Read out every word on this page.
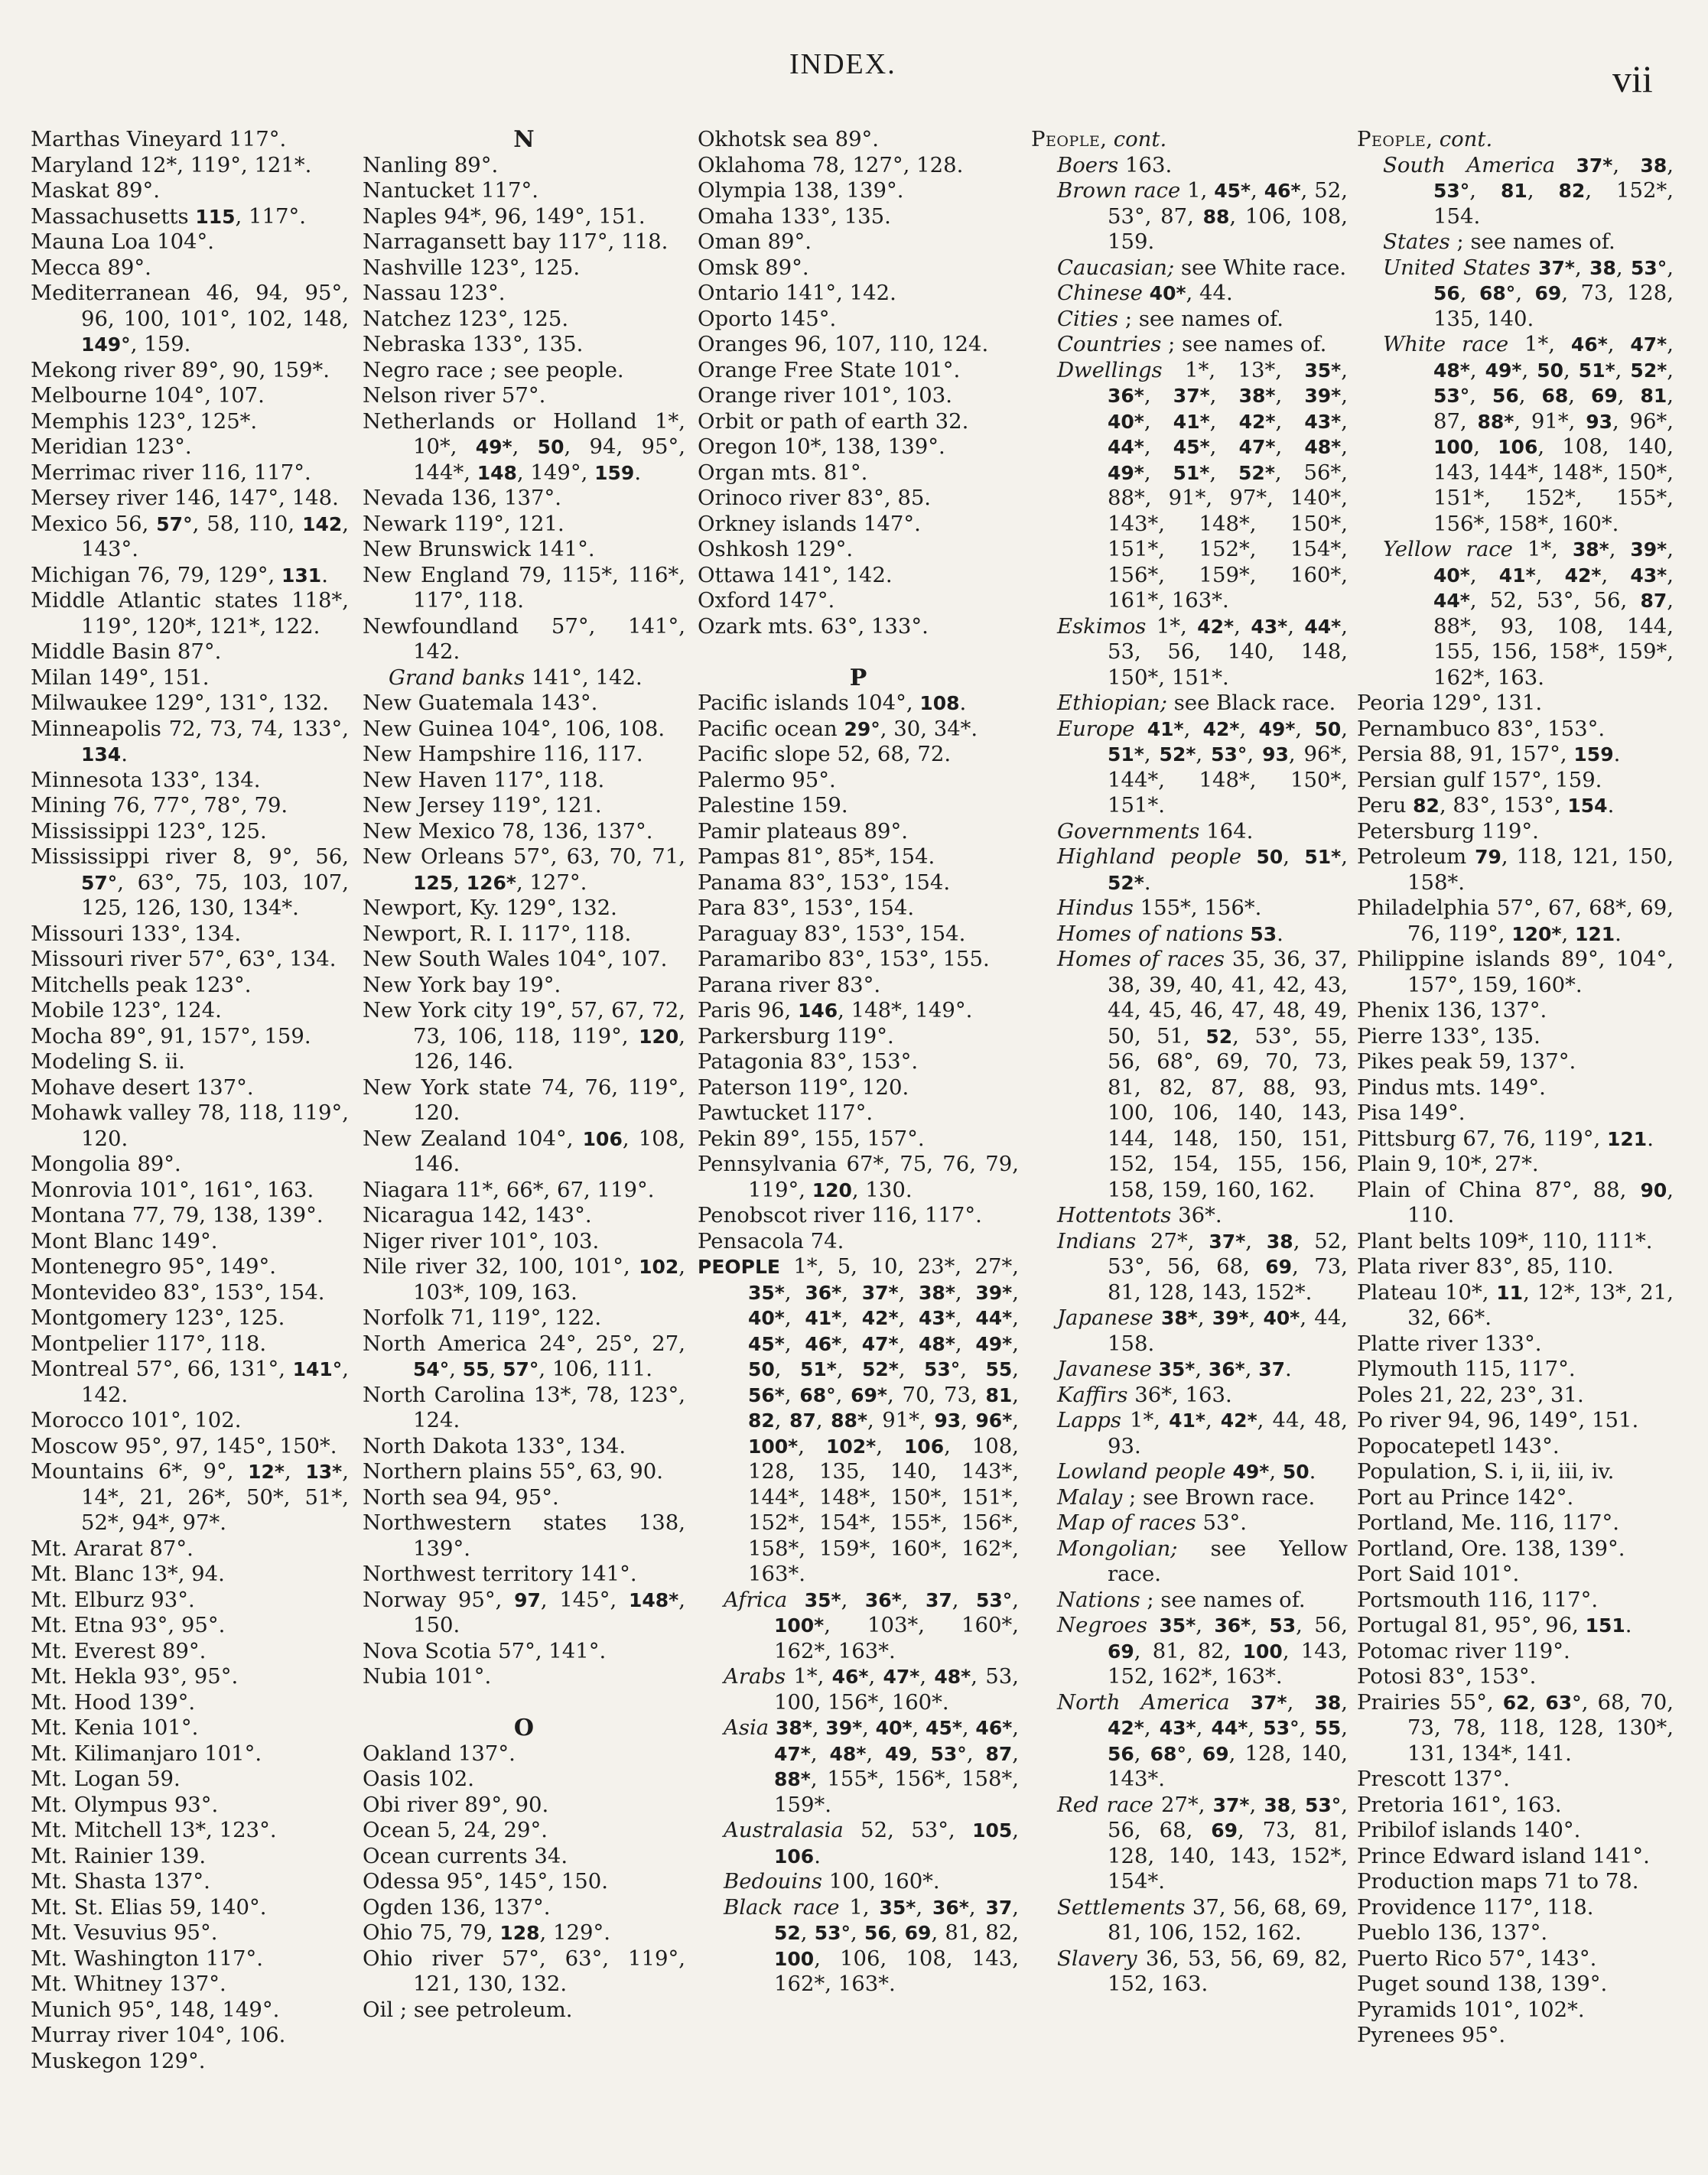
INDEX.	vii
Marthas Vineyard 117°.
Maryland 12*, 119°, 121*.
Maskat 89°.
Massachusetts 115, 117°.
Mauna Loa 104°.
Mecca 89°.
Mediterranean 46, 94, 95°, 96, 100, 101°, 102, 148, 149°, 159.
Mekong river 89°, 90, 159*.
Melbourne 104°, 107.
Memphis 123°, 125*.
Meridian 123°.
Merrimac river 116, 117°.
Mersey river 146, 147°, 148.
Mexico 56, 57°, 58, 110, 142, 143°.
Michigan 76, 79, 129°, 131.
Middle Atlantic states 118*, 119°, 120*, 121*, 122.
Middle Basin 87°.
Milan 149°, 151.
Milwaukee 129°, 131°, 132.
Minneapolis 72, 73, 74, 133°, 134.
Minnesota 133°, 134.
Mining 76, 77°, 78°, 79.
Mississippi 123°, 125.
Mississippi river 8, 9°, 56, 57°, 63°, 75, 103, 107, 125, 126, 130, 134*.
Missouri 133°, 134.
Missouri river 57°, 63°, 134.
Mitchells peak 123°.
Mobile 123°, 124.
Mocha 89°, 91, 157°, 159.
Modeling S. ii.
Mohave desert 137°.
Mohawk valley 78, 118, 119°, 120.
Mongolia 89°.
Monrovia 101°, 161°, 163.
Montana 77, 79, 138, 139°.
Mont Blanc 149°.
Montenegro 95°, 149°.
Montevideo 83°, 153°, 154.
Montgomery 123°, 125.
Montpelier 117°, 118.
Montreal 57°, 66, 131°, 141°, 142.
Morocco 101°, 102.
Moscow 95°, 97, 145°, 150*.
Mountains 6*, 9°, 12*, 13*, 14*, 21, 26*, 50*, 51*, 52*, 94*, 97*.
Mt. Ararat 87°.
Mt. Blanc 13*, 94.
Mt. Elburz 93°.
Mt. Etna 93°, 95°.
Mt. Everest 89°.
Mt. Hekla 93°, 95°.
Mt. Hood 139°.
Mt. Kenia 101°.
Mt. Kilimanjaro 101°.
Mt. Logan 59.
Mt. Olympus 93°.
Mt. Mitchell 13*, 123°.
Mt. Rainier 139.
Mt. Shasta 137°.
Mt. St. Elias 59, 140°.
Mt. Vesuvius 95°.
Mt. Washington 117°.
Mt. Whitney 137°.
Munich 95°, 148, 149°.
Murray river 104°, 106.
Muskegon 129°.
N
Nanling 89°.
Nantucket 117°.
Naples 94*, 96, 149°, 151.
Narragansett bay 117°, 118.
Nashville 123°, 125.
Nassau 123°.
Natchez 123°, 125.
Nebraska 133°, 135.
Negro race ; see people.
Nelson river 57°.
Netherlands or Holland 1*, 10*, 49*, 50, 94, 95°, 144*, 148, 149°, 159.
Nevada 136, 137°.
Newark 119°, 121.
New Brunswick 141°.
New England 79, 115*, 116*, 117°, 118.
Newfoundland 57°, 141°, 142.
Grand banks 141°, 142.
New Guatemala 143°.
New Guinea 104°, 106, 108.
New Hampshire 116, 117.
New Haven 117°, 118.
New Jersey 119°, 121.
New Mexico 78, 136, 137°.
New Orleans 57°, 63, 70, 71, 125, 126*, 127°.
Newport, Ky. 129°, 132.
Newport, R. I. 117°, 118.
New South Wales 104°, 107.
New York bay 19°.
New York city 19°, 57, 67, 72, 73, 106, 118, 119°, 120, 126, 146.
New York state 74, 76, 119°, 120.
New Zealand 104°, 106, 108, 146.
Niagara 11*, 66*, 67, 119°.
Nicaragua 142, 143°.
Niger river 101°, 103.
Nile river 32, 100, 101°, 102, 103*, 109, 163.
Norfolk 71, 119°, 122.
North America 24°, 25°, 27, 54°, 55, 57°, 106, 111.
North Carolina 13*, 78, 123°, 124.
North Dakota 133°, 134.
Northern plains 55°, 63, 90.
North sea 94, 95°.
Northwestern states 138, 139°.
Northwest territory 141°.
Norway 95°, 97, 145°, 148*, 150.
Nova Scotia 57°, 141°.
Nubia 101°.
O
Oakland 137°.
Oasis 102.
Obi river 89°, 90.
Ocean 5, 24, 29°.
Ocean currents 34.
Odessa 95°, 145°, 150.
Ogden 136, 137°.
Ohio 75, 79, 128, 129°.
Ohio river 57°, 63°, 119°, 121, 130, 132.
Oil ; see petroleum.
Okhotsk sea 89°.
Oklahoma 78, 127°, 128.
Olympia 138, 139°.
Omaha 133°, 135.
Oman 89°.
Omsk 89°.
Ontario 141°, 142.
Oporto 145°.
Oranges 96, 107, 110, 124.
Orange Free State 101°.
Orange river 101°, 103.
Orbit or path of earth 32.
Oregon 10*, 138, 139°.
Organ mts. 81°.
Orinoco river 83°, 85.
Orkney islands 147°.
Oshkosh 129°.
Ottawa 141°, 142.
Oxford 147°.
Ozark mts. 63°, 133°.
P
Pacific islands 104°, 108.
Pacific ocean 29°, 30, 34*.
Pacific slope 52, 68, 72.
Palermo 95°.
Palestine 159.
Pamir plateaus 89°.
Pampas 81°, 85*, 154.
Panama 83°, 153°, 154.
Para 83°, 153°, 154.
Paraguay 83°, 153°, 154.
Paramaribo 83°, 153°, 155.
Parana river 83°.
Paris 96, 146, 148*, 149°.
Parkersburg 119°.
Patagonia 83°, 153°.
Paterson 119°, 120.
Pawtucket 117°.
Pekin 89°, 155, 157°.
Pennsylvania 67*, 75, 76, 79, 119°, 120, 130.
Penobscot river 116, 117°.
Pensacola 74.
PEOPLE 1*, 5, 10, 23*, 27*, 35*, 36*, 37*, 38*, 39*, 40*, 41*, 42*, 43*, 44*, 45*, 46*, 47*, 48*, 49*, 50, 51*, 52*, 53°, 55, 56*, 68°, 69*, 70, 73, 81, 82, 87, 88*, 91*, 93, 96*, 100*, 102*, 106, 108, 128, 135, 140, 143*, 144*, 148*, 150*, 151*, 152*, 154*, 155*, 156*, 158*, 159*, 160*, 162*, 163*.
Africa 35*, 36*, 37, 53°, 100*, 103*, 160*, 162*, 163*.
Arabs 1*, 46*, 47*, 48*, 53, 100, 156*, 160*.
Asia 38*, 39*, 40*, 45*, 46*, 47*, 48*, 49, 53°, 87, 88*, 155*, 156*, 158*, 159*.
Australasia 52, 53°, 105, 106.
Bedouins 100, 160*.
Black race 1, 35*, 36*, 37, 52, 53°, 56, 69, 81, 82, 100, 106, 108, 143, 162*, 163*.
People, cont.
Boers 163.
Brown race 1, 45*, 46*, 52, 53°, 87, 88, 106, 108, 159.
Caucasian; see White race.
Chinese 40*, 44.
Cities ; see names of.
Countries ; see names of.
Dwellings 1*, 13*, 35*, 36*, 37*, 38*, 39*, 40*, 41*, 42*, 43*, 44*, 45*, 47*, 48*, 49*, 51*, 52*, 56*, 88*, 91*, 97*, 140*, 143*, 148*, 150*, 151*, 152*, 154*, 156*, 159*, 160*, 161*, 163*.
Eskimos 1*, 42*, 43*, 44*, 53, 56, 140, 148, 150*, 151*.
Ethiopian; see Black race.
Europe 41*, 42*, 49*, 50, 51*, 52*, 53°, 93, 96*, 144*, 148*, 150*, 151*.
Governments 164.
Highland people 50, 51*, 52*.
Hindus 155*, 156*.
Homes of nations 53.
Homes of races 35, 36, 37, 38, 39, 40, 41, 42, 43, 44, 45, 46, 47, 48, 49, 50, 51, 52, 53°, 55, 56, 68°, 69, 70, 73, 81, 82, 87, 88, 93, 100, 106, 140, 143, 144, 148, 150, 151, 152, 154, 155, 156, 158, 159, 160, 162.
Hottentots 36*.
Indians 27*, 37*, 38, 52, 53°, 56, 68, 69, 73, 81, 128, 143, 152*.
Japanese 38*, 39*, 40*, 44, 158.
Javanese 35*, 36*, 37.
Kaffirs 36*, 163.
Lapps 1*, 41*, 42*, 44, 48, 93.
Lowland people 49*, 50.
Malay ; see Brown race.
Map of races 53°.
Mongolian; see Yellow race.
Nations ; see names of.
Negroes 35*, 36*, 53, 56, 69, 81, 82, 100, 143, 152, 162*, 163*.
North America 37*, 38, 42*, 43*, 44*, 53°, 55, 56, 68°, 69, 128, 140, 143*.
Red race 27*, 37*, 38, 53°, 56, 68, 69, 73, 81, 128, 140, 143, 152*, 154*.
Settlements 37, 56, 68, 69, 81, 106, 152, 162.
Slavery 36, 53, 56, 69, 82, 152, 163.
People, cont.
South America 37*, 38, 53°, 81, 82, 152*, 154.
States ; see names of.
United States 37*, 38, 53°, 56, 68°, 69, 73, 128, 135, 140.
White race 1*, 46*, 47*, 48*, 49*, 50, 51*, 52*, 53°, 56, 68, 69, 81, 87, 88*, 91*, 93, 96*, 100, 106, 108, 140, 143, 144*, 148*, 150*, 151*, 152*, 155*, 156*, 158*, 160*.
Yellow race 1*, 38*, 39*, 40*, 41*, 42*, 43*, 44*, 52, 53°, 56, 87, 88*, 93, 108, 144, 155, 156, 158*, 159*, 162*, 163.
Peoria 129°, 131.
Pernambuco 83°, 153°.
Persia 88, 91, 157°, 159.
Persian gulf 157°, 159.
Peru 82, 83°, 153°, 154.
Petersburg 119°.
Petroleum 79, 118, 121, 150, 158*.
Philadelphia 57°, 67, 68*, 69, 76, 119°, 120*, 121.
Philippine islands 89°, 104°, 157°, 159, 160*.
Phenix 136, 137°.
Pierre 133°, 135.
Pikes peak 59, 137°.
Pindus mts. 149°.
Pisa 149°.
Pittsburg 67, 76, 119°, 121.
Plain 9, 10*, 27*.
Plain of China 87°, 88, 90, 110.
Plant belts 109*, 110, 111*.
Plata river 83°, 85, 110.
Plateau 10*, 11, 12*, 13*, 21, 32, 66*.
Platte river 133°.
Plymouth 115, 117°.
Poles 21, 22, 23°, 31.
Po river 94, 96, 149°, 151.
Popocatepetl 143°.
Population, S. i, ii, iii, iv.
Port au Prince 142°.
Portland, Me. 116, 117°.
Portland, Ore. 138, 139°.
Port Said 101°.
Portsmouth 116, 117°.
Portugal 81, 95°, 96, 151.
Potomac river 119°.
Potosi 83°, 153°.
Prairies 55°, 62, 63°, 68, 70, 73, 78, 118, 128, 130*, 131, 134*, 141.
Prescott 137°.
Pretoria 161°, 163.
Pribilof islands 140°.
Prince Edward island 141°.
Production maps 71 to 78.
Providence 117°, 118.
Pueblo 136, 137°.
Puerto Rico 57°, 143°.
Puget sound 138, 139°.
Pyramids 101°, 102*.
Pyrenees 95°.
